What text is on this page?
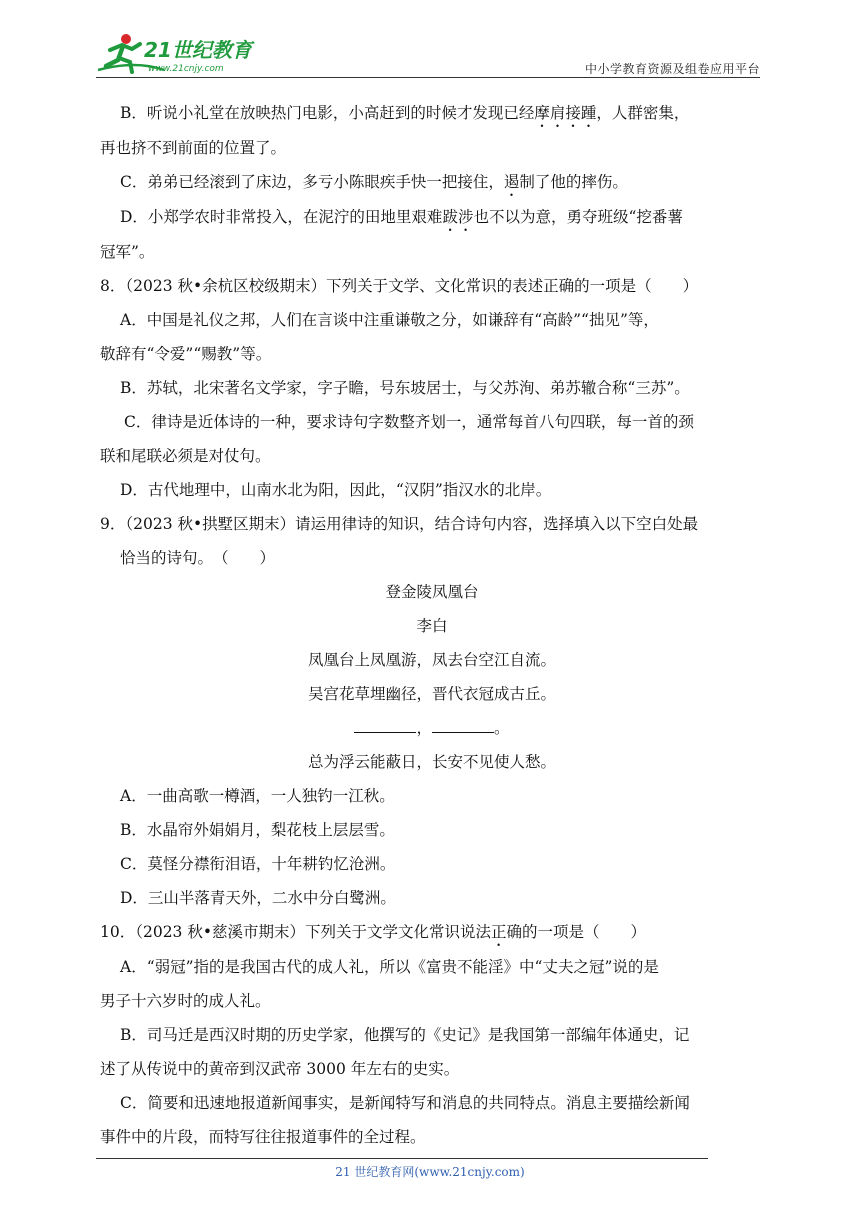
21世纪教育
www.21cnjy.com	中小学教育资源及组卷应用平台

B．听说小礼堂在放映热门电影，小高赶到的时候才发现已经摩肩接踵，人群密集，

再也挤不到前面的位置了。

C．弟弟已经滚到了床边，多亏小陈眼疾手快一把接住，遏制了他的摔伤。

D．小郑学农时非常投入，在泥泞的田地里艰难跋涉也不以为意，勇夺班级“挖番薯

冠军”。

8．（2023 秋•余杭区校级期末）下列关于文学、文化常识的表述正确的一项是（　　）

A．中国是礼仪之邦，人们在言谈中注重谦敬之分，如谦辞有“高龄”“拙见”等，

敬辞有“令爱”“赐教”等。

B．苏轼，北宋著名文学家，字子瞻，号东坡居士，与父苏洵、弟苏辙合称“三苏”。

C．律诗是近体诗的一种，要求诗句字数整齐划一，通常每首八句四联，每一首的颈

联和尾联必须是对仗句。

D．古代地理中，山南水北为阳，因此，“汉阴”指汉水的北岸。

9．（2023 秋•拱墅区期末）请运用律诗的知识，结合诗句内容，选择填入以下空白处最

恰当的诗句。　（　　）

登金陵凤凰台

李白

凤凰台上凤凰游，凤去台空江自流。

吴宫花草埋幽径，晋代衣冠成古丘。

，	。

总为浮云能蔽日，长安不见使人愁。

A．一曲高歌一樽酒，一人独钓一江秋。

B．水晶帘外娟娟月，梨花枝上层层雪。

C．莫怪分襟衔泪语，十年耕钓忆沧洲。

D．三山半落青天外，二水中分白鹭洲。

10．（2023 秋•慈溪市期末）下列关于文学文化常识说法正确的一项是（　　）

A．“弱冠”指的是我国古代的成人礼，所以《富贵不能淫》中“丈夫之冠”说的是

男子十六岁时的成人礼。

B．司马迁是西汉时期的历史学家，他撰写的《史记》是我国第一部编年体通史，记

述了从传说中的黄帝到汉武帝 3000 年左右的史实。

C．简要和迅速地报道新闻事实，是新闻特写和消息的共同特点。消息主要描绘新闻

事件中的片段，而特写往往报道事件的全过程。

21 世纪教育网(www.21cnjy.com)
